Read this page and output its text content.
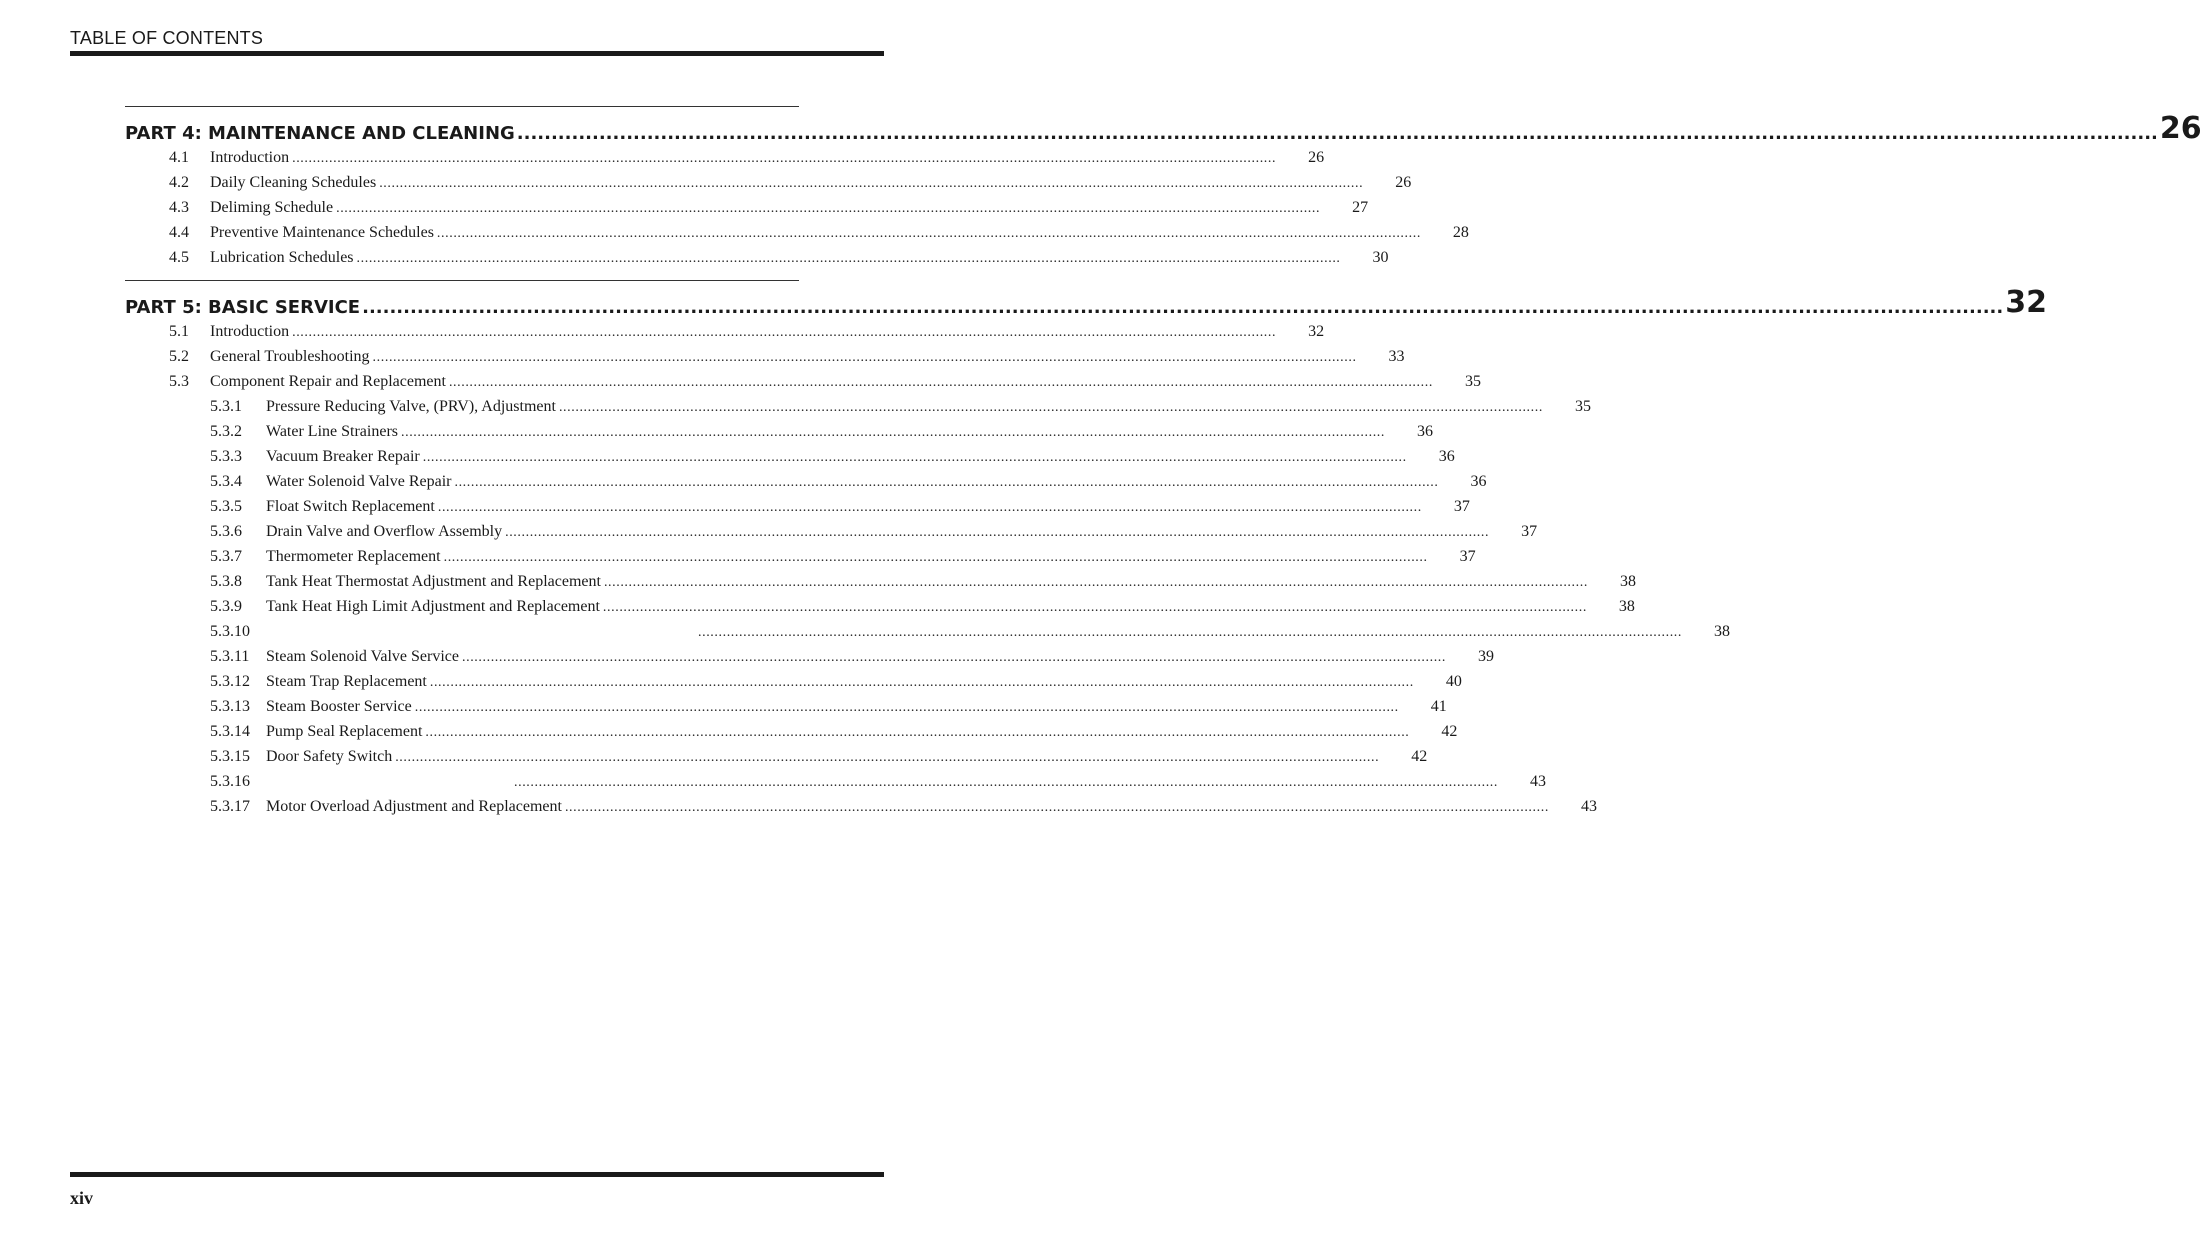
TABLE OF CONTENTS
PART 4: MAINTENANCE AND CLEANING ................................................................................................................................................................................................................................................ 26
4.1	Introduction ................................................................................................................................................................................................................................................	26
4.2	Daily Cleaning Schedules ................................................................................................................................................................................................................................................	26
4.3	Deliming Schedule ................................................................................................................................................................................................................................................	27
4.4	Preventive Maintenance Schedules ................................................................................................................................................................................................................................................	28
4.5	Lubrication Schedules ................................................................................................................................................................................................................................................	30
PART 5: BASIC SERVICE ................................................................................................................................................................................................................................................ 32
5.1	Introduction ................................................................................................................................................................................................................................................	32
5.2	General Troubleshooting ................................................................................................................................................................................................................................................	33
5.3	Component Repair and Replacement ................................................................................................................................................................................................................................................	35
5.3.1	Pressure Reducing Valve, (PRV), Adjustment ................................................................................................................................................................................................................................................	35
5.3.2	Water Line Strainers ................................................................................................................................................................................................................................................	36
5.3.3	Vacuum Breaker Repair ................................................................................................................................................................................................................................................	36
5.3.4	Water Solenoid Valve Repair ................................................................................................................................................................................................................................................	36
5.3.5	Float Switch Replacement ................................................................................................................................................................................................................................................	37
5.3.6	Drain Valve and Overflow Assembly ................................................................................................................................................................................................................................................	37
5.3.7	Thermometer Replacement ................................................................................................................................................................................................................................................	37
5.3.8	Tank Heat Thermostat Adjustment and Replacement ................................................................................................................................................................................................................................................	38
5.3.9	Tank Heat High Limit Adjustment and Replacement ................................................................................................................................................................................................................................................	38
5.3.10	................................................................................................................................................................................................................................................	38
5.3.11	Steam Solenoid Valve Service ................................................................................................................................................................................................................................................	39
5.3.12	Steam Trap Replacement ................................................................................................................................................................................................................................................	40
5.3.13	Steam Booster Service ................................................................................................................................................................................................................................................	41
5.3.14	Pump Seal Replacement ................................................................................................................................................................................................................................................	42
5.3.15	Door Safety Switch ................................................................................................................................................................................................................................................	42
5.3.16	................................................................................................................................................................................................................................................	43
5.3.17	Motor Overload Adjustment and Replacement ................................................................................................................................................................................................................................................	43
xiv
